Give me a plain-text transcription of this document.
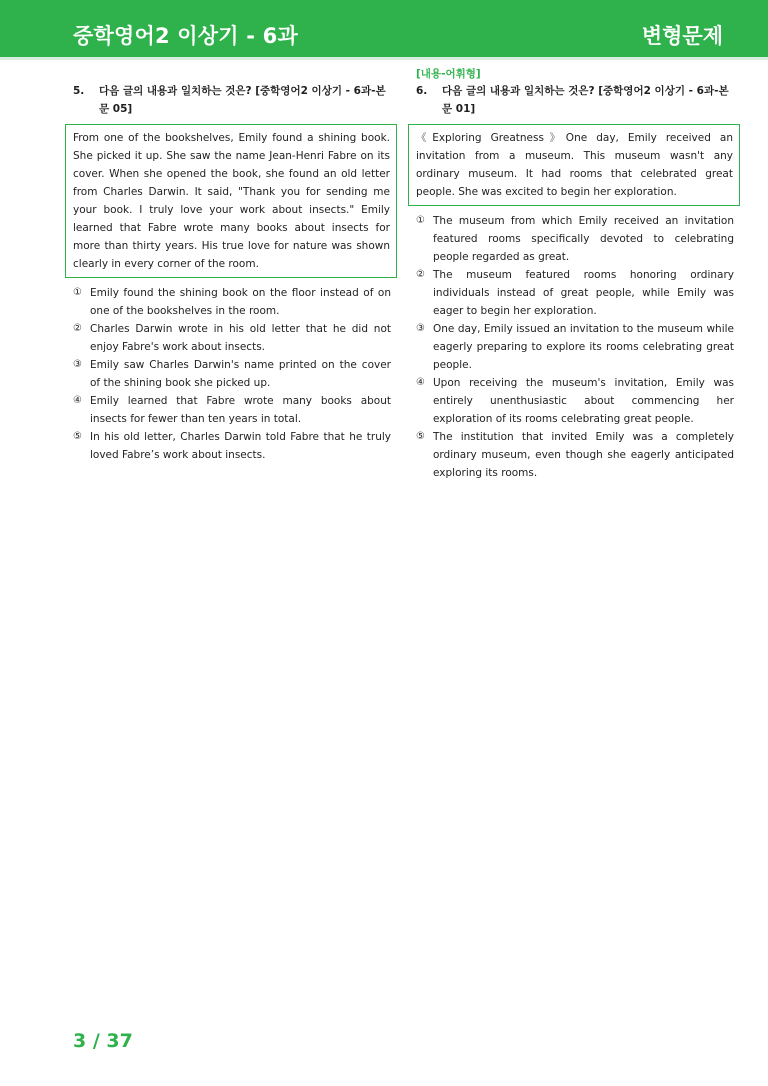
중학영어2 이상기 - 6과	변형문제
5. 다음 글의 내용과 일치하는 것은? [중학영어2 이상기 - 6과-본문 05]
From one of the bookshelves, Emily found a shining book. She picked it up. She saw the name Jean-Henri Fabre on its cover. When she opened the book, she found an old letter from Charles Darwin. It said, "Thank you for sending me your book. I truly love your work about insects." Emily learned that Fabre wrote many books about insects for more than thirty years. His true love for nature was shown clearly in every corner of the room.
① Emily found the shining book on the floor instead of on one of the bookshelves in the room.
② Charles Darwin wrote in his old letter that he did not enjoy Fabre's work about insects.
③ Emily saw Charles Darwin's name printed on the cover of the shining book she picked up.
④ Emily learned that Fabre wrote many books about insects for fewer than ten years in total.
⑤ In his old letter, Charles Darwin told Fabre that he truly loved Fabre’s work about insects.
[내용-어휘형]
6. 다음 글의 내용과 일치하는 것은? [중학영어2 이상기 - 6과-본문 01]
《Exploring Greatness》One day, Emily received an invitation from a museum. This museum wasn't any ordinary museum. It had rooms that celebrated great people. She was excited to begin her exploration.
① The museum from which Emily received an invitation featured rooms specifically devoted to celebrating people regarded as great.
② The museum featured rooms honoring ordinary individuals instead of great people, while Emily was eager to begin her exploration.
③ One day, Emily issued an invitation to the museum while eagerly preparing to explore its rooms celebrating great people.
④ Upon receiving the museum's invitation, Emily was entirely unenthusiastic about commencing her exploration of its rooms celebrating great people.
⑤ The institution that invited Emily was a completely ordinary museum, even though she eagerly anticipated exploring its rooms.
3 / 37
